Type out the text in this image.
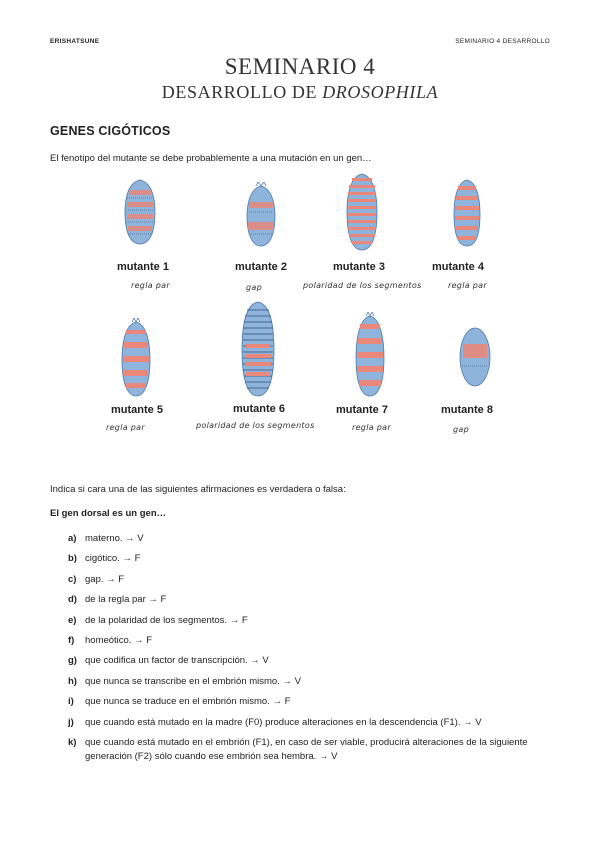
ERISHATSUNE	SEMINARIO 4 DESARROLLO
SEMINARIO 4
DESARROLLO DE DROSOPHILA
GENES CIGÓTICOS
El fenotipo del mutante se debe probablemente a una mutación en un gen…
mutante 1	mutante 2	mutante 3	mutante 4
regla par	gap	polaridad de los segmentos	regla par
mutante 5	mutante 6	mutante 7	mutante 8
regla par	polaridad de los segmentos	regla par	gap
Indica si cara una de las siguientes afirmaciones es verdadera o falsa:
El gen dorsal es un gen…
a) materno. → V
b) cigótico. → F
c) gap. → F
d) de la regla par → F
e) de la polaridad de los segmentos. → F
f)	homeótico. → F
g) que codifica un factor de transcripción. → V
h) que nunca se transcribe en el embrión mismo. → V
i)	que nunca se traduce en el embrión mismo. → F
j)	que cuando está mutado en la madre (F0) produce alteraciones en la descendencia (F1). → V
k) que cuando está mutado en el embrión (F1), en caso de ser viable, producirá alteraciones de la siguiente generación (F2) sólo cuando ese embrión sea hembra. → V
